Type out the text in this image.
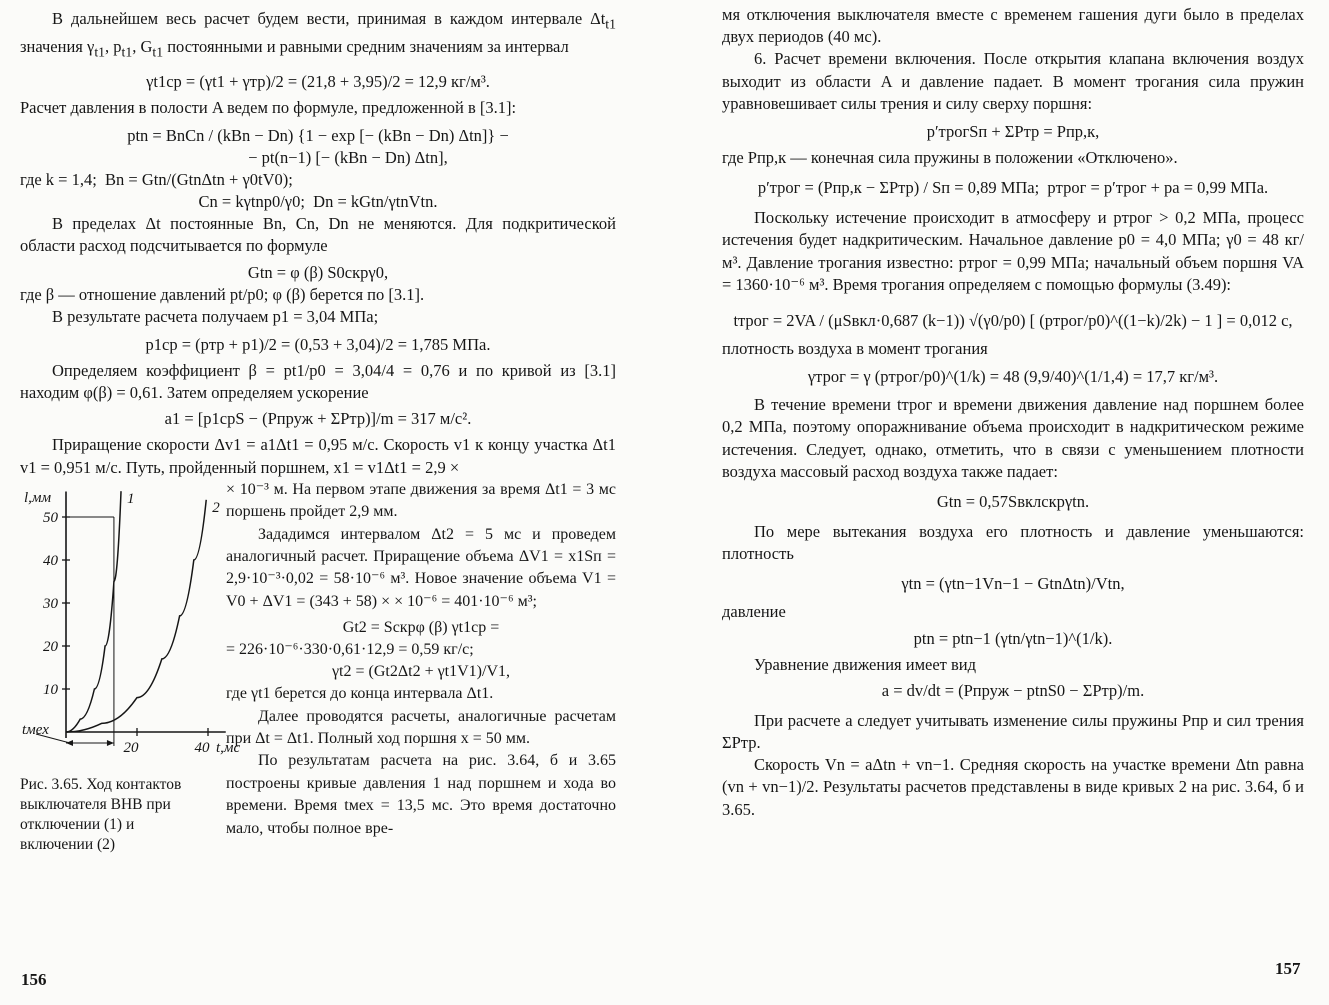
В дальнейшем весь расчет будем вести, принимая в каждом интервале $\Delta t_{t1}$ значения $\gamma_{t1}$, $p_{t1}$, $G_{t1}$ постоянными и равными средним значениям за интервал

γt1cp = (γt1 + γтр)/2 = (21,8 + 3,95)/2 = 12,9 кг/м³.

Расчет давления в полости A ведем по формуле, предложенной в [3.1]:

ptn = BnCn / (kBn − Dn) {1 − exp [− (kBn − Dn) Δtn]} −

− pt(n−1) [− (kBn − Dn) Δtn],

где k = 1,4;  Bn = Gtn/(GtnΔtn + γ0tV0);

Cn = kγtnp0/γ0;  Dn = kGtn/γtnVtn.

В пределах Δt постоянные Bn, Cn, Dn не меняются. Для подкритической области расход подсчитывается по формуле

Gtn = φ (β) S0cкрγ0,

где β — отношение давлений pt/p0; φ (β) берется по [3.1].

В результате расчета получаем p1 = 3,04 МПа;

p1cp = (pтр + p1)/2 = (0,53 + 3,04)/2 = 1,785 МПа.

Определяем коэффициент β = pt1/p0 = 3,04/4 = 0,76 и по кривой из [3.1] находим φ(β) = 0,61. Затем определяем ускорение

a1 = [p1cpS − (Pпруж + ΣPтр)]/m = 317 м/с².

Приращение скорости Δv1 = a1Δt1 = 0,95 м/с. Скорость v1 к концу участка Δt1 v1 = 0,951 м/с. Путь, пройденный поршнем, x1 = v1Δt1 = 2,9 ×

10
20
30
40
50
20	40
l,мм
t,мс
tмех
1
2

Рис. 3.65. Ход контактов выключателя ВНВ при отключении (1) и включении (2)

× 10⁻³ м. На первом этапе движения за время Δt1 = 3 мс поршень пройдет 2,9 мм.

Зададимся интервалом Δt2 = 5 мс и проведем аналогичный расчет. Приращение объема ΔV1 = x1Sп = 2,9·10⁻³·0,02 = 58·10⁻⁶ м³. Новое значение объема V1 = V0 + ΔV1 = (343 + 58) × × 10⁻⁶ = 401·10⁻⁶ м³;

Gt2 = Scкрφ (β) γt1cp =

= 226·10⁻⁶·330·0,61·12,9 = 0,59 кг/с;

γt2 = (Gt2Δt2 + γt1V1)/V1,

где γt1 берется до конца интервала Δt1.

Далее проводятся расчеты, аналогичные расчетам при Δt = Δt1. Полный ход поршня x = 50 мм.

По результатам расчета на рис. 3.64, б и 3.65 построены кривые давления 1 над поршнем и хода во времени. Время tмех = 13,5 мс. Это время достаточно мало, чтобы полное вре-

156

мя отключения выключателя вместе с временем гашения дуги было в пределах двух периодов (40 мс).

6. Расчет времени включения. После открытия клапана включения воздух выходит из области A и давление падает. В момент трогания сила пружин уравновешивает силы трения и силу сверху поршня:

p′трогSп + ΣPтр = Pпр,к,

где Pпр,к — конечная сила пружины в положении «Отключено».

p′трог = (Pпр,к − ΣPтр) / Sп = 0,89 МПа;  pтрог = p′трог + pа = 0,99 МПа.

Поскольку истечение происходит в атмосферу и pтрог > 0,2 МПа, процесс истечения будет надкритическим. Начальное давление p0 = 4,0 МПа; γ0 = 48 кг/м³. Давление трогания известно: pтрог = 0,99 МПа; начальный объем поршня VA = 1360·10⁻⁶ м³. Время трогания определяем с помощью формулы (3.49):

tтрог = 2VA / (μSвкл·0,687 (k−1)) √(γ0/p0) [ (pтрог/p0)^((1−k)/2k) − 1 ] = 0,012 с,

плотность воздуха в момент трогания

γтрог = γ (pтрог/p0)^(1/k) = 48 (9,9/40)^(1/1,4) = 17,7 кг/м³.

В течение времени tтрог и времени движения давление над поршнем более 0,2 МПа, поэтому опоражнивание объема происходит в надкритическом режиме истечения. Следует, однако, отметить, что в связи с уменьшением плотности воздуха массовый расход воздуха также падает:

Gtn = 0,57Sвклcкрγtn.

По мере вытекания воздуха его плотность и давление уменьшаются: плотность

γtn = (γtn−1Vn−1 − GtnΔtn)/Vtn,

давление

ptn = ptn−1 (γtn/γtn−1)^(1/k).

Уравнение движения имеет вид

a = dv/dt = (Pпруж − ptnS0 − ΣPтр)/m.

При расчете a следует учитывать изменение силы пружины Pпр и сил трения ΣPтр.

Скорость Vn = aΔtn + vn−1. Средняя скорость на участке времени Δtn равна (vn + vn−1)/2. Результаты расчетов представлены в виде кривых 2 на рис. 3.64, б и 3.65.

157
